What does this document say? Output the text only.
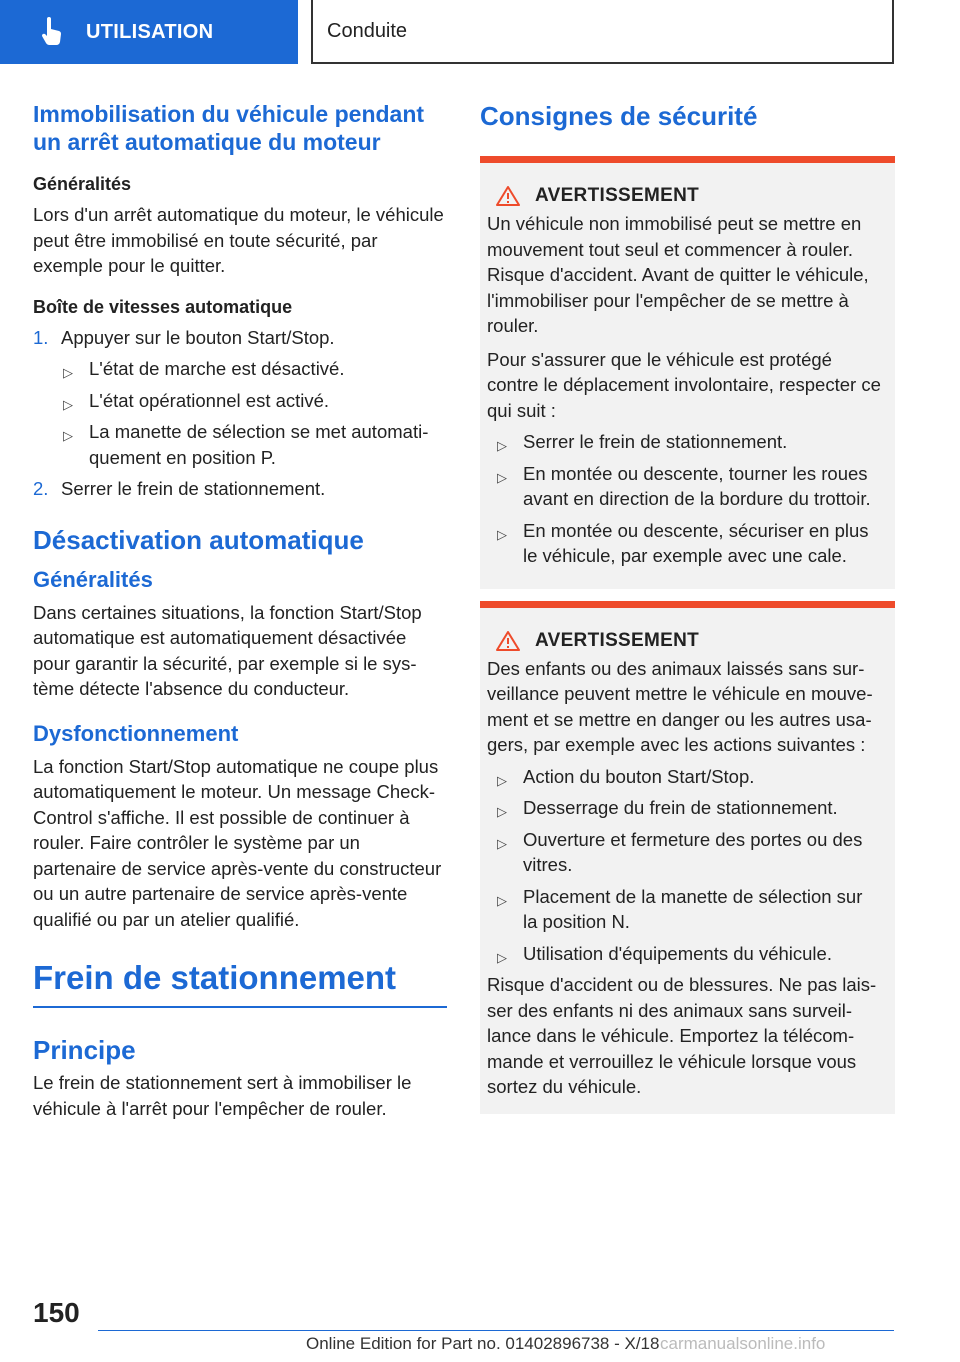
UTILISATION	Conduite
Immobilisation du véhicule pendant un arrêt automatique du moteur
Généralités

Lors d'un arrêt automatique du moteur, le véhicule peut être immobilisé en toute sécurité, par exemple pour le quitter.

Boîte de vitesses automatique
1. Appuyer sur le bouton Start/Stop.
▷ L'état de marche est désactivé.
▷ L'état opérationnel est activé.
▷ La manette de sélection se met automatiquement en position P.
2. Serrer le frein de stationnement.
Désactivation automatique
Généralités

Dans certaines situations, la fonction Start/Stop automatique est automatiquement désactivée pour garantir la sécurité, par exemple si le système détecte l'absence du conducteur.

Dysfonctionnement

La fonction Start/Stop automatique ne coupe plus automatiquement le moteur. Un message Check-Control s'affiche. Il est possible de continuer à rouler. Faire contrôler le système par un partenaire de service après-vente du constructeur ou un autre partenaire de service après-vente qualifié ou par un atelier qualifié.

Frein de stationnement
Principe

Le frein de stationnement sert à immobiliser le véhicule à l'arrêt pour l'empêcher de rouler.

Consignes de sécurité
AVERTISSEMENT

Un véhicule non immobilisé peut se mettre en mouvement tout seul et commencer à rouler. Risque d'accident. Avant de quitter le véhicule, l'immobiliser pour l'empêcher de se mettre à rouler.

Pour s'assurer que le véhicule est protégé contre le déplacement involontaire, respecter ce qui suit :

▷ Serrer le frein de stationnement.
▷ En montée ou descente, tourner les roues avant en direction de la bordure du trottoir.
▷ En montée ou descente, sécuriser en plus le véhicule, par exemple avec une cale.
AVERTISSEMENT

Des enfants ou des animaux laissés sans surveillance peuvent mettre le véhicule en mouvement et se mettre en danger ou les autres usagers, par exemple avec les actions suivantes :

▷ Action du bouton Start/Stop.
▷ Desserrage du frein de stationnement.
▷ Ouverture et fermeture des portes ou des vitres.
▷ Placement de la manette de sélection sur la position N.
▷ Utilisation d'équipements du véhicule.

Risque d'accident ou de blessures. Ne pas laisser des enfants ni des animaux sans surveillance dans le véhicule. Emportez la télécommande et verrouillez le véhicule lorsque vous sortez du véhicule.

150
Online Edition for Part no. 01402896738 - X/18 carmanualsonline.info
